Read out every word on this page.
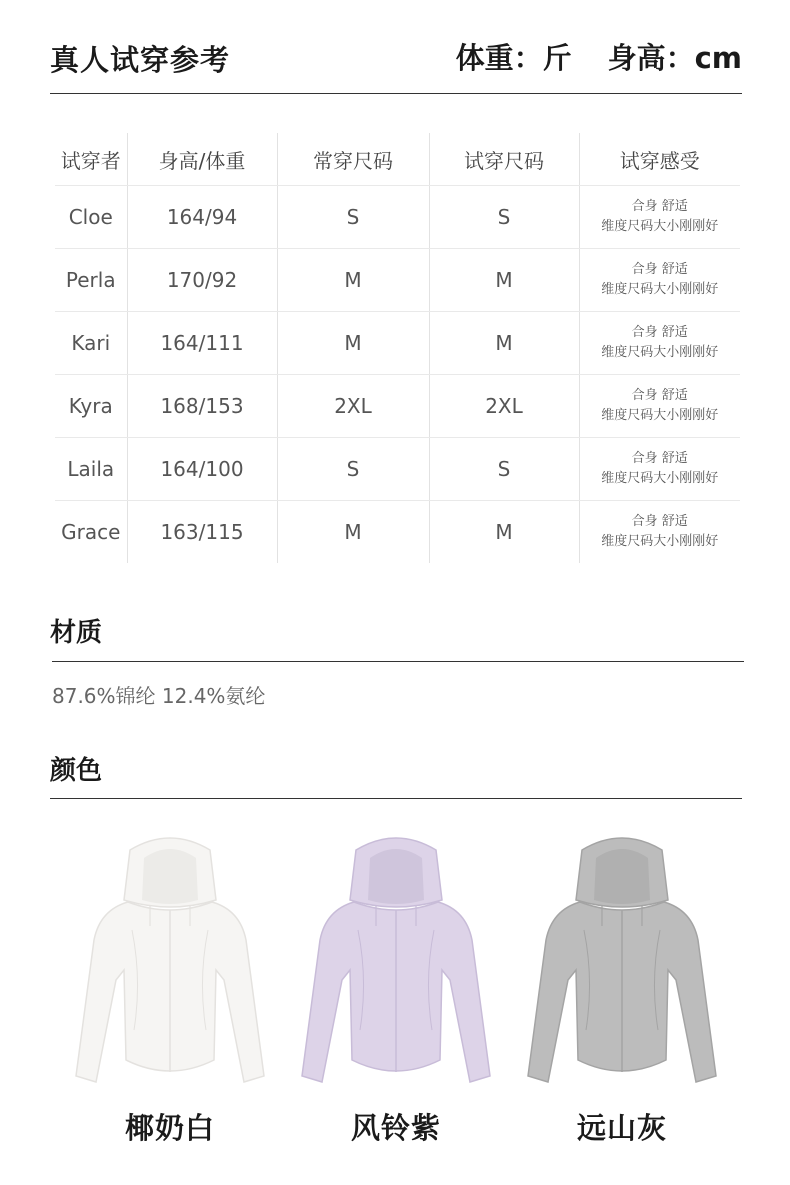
真人试穿参考	体重：斤 身高：cm
试穿者	身高/体重	常穿尺码	试穿尺码	试穿感受
Cloe	164/94	S	S	合身 舒适
维度尺码大小刚刚好

Perla	170/92	M	M	合身 舒适
维度尺码大小刚刚好

Kari	164/111	M	M	合身 舒适
维度尺码大小刚刚好

Kyra	168/153	2XL	2XL	合身 舒适
维度尺码大小刚刚好

Laila	164/100	S	S	合身 舒适
维度尺码大小刚刚好

Grace	163/115	M	M	合身 舒适
维度尺码大小刚刚好
材质
87.6%锦纶 12.4%氨纶
颜色
椰奶白	风铃紫	远山灰
